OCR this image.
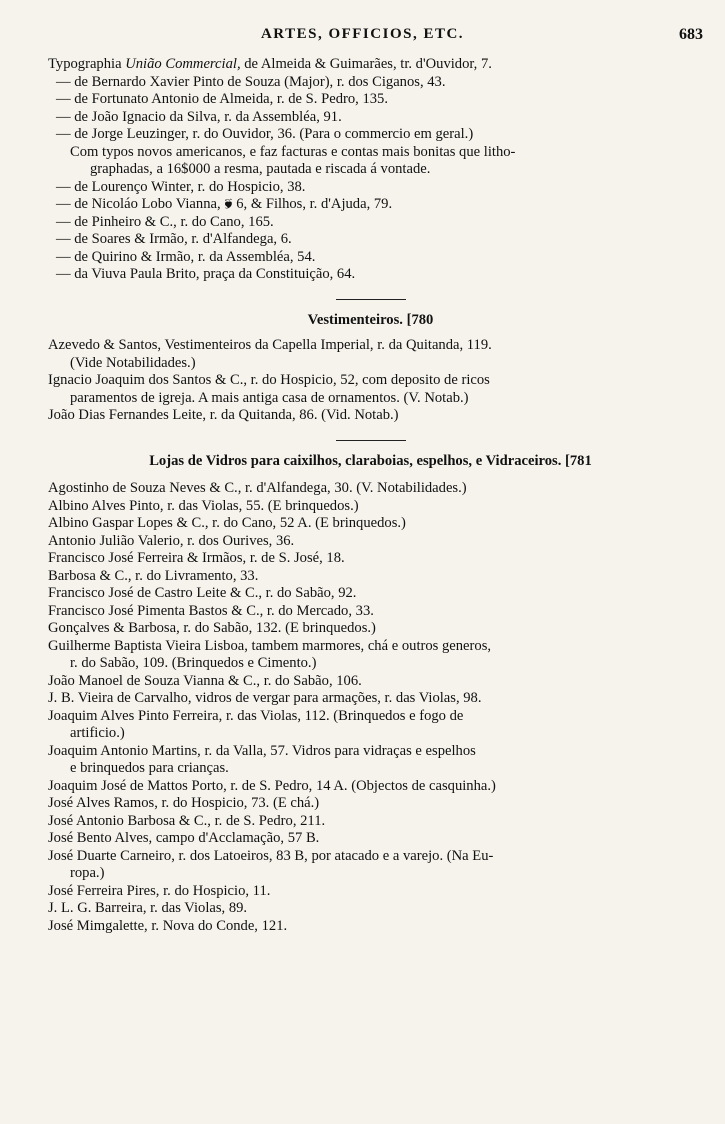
ARTES, OFFICIOS, ETC.	683
Typographia União Commercial, de Almeida & Guimarães, tr. d'Ouvidor, 7.
— de Bernardo Xavier Pinto de Souza (Major), r. dos Ciganos, 43.
— de Fortunato Antonio de Almeida, r. de S. Pedro, 135.
— de João Ignacio da Silva, r. da Assembléa, 91.
— de Jorge Leuzinger, r. do Ouvidor, 36. (Para o commercio em geral.)
Com typos novos americanos, e faz facturas e contas mais bonitas que litho-
graphadas, a 16$000 a resma, pautada e riscada á vontade.
— de Lourenço Winter, r. do Hospicio, 38.
— de Nicoláo Lobo Vianna, 🙘 6, & Filhos, r. d'Ajuda, 79.
— de Pinheiro & C., r. do Cano, 165.
— de Soares & Irmão, r. d'Alfandega, 6.
— de Quirino & Irmão, r. da Assembléa, 54.
— da Viuva Paula Brito, praça da Constituição, 64.
Vestimenteiros. [780
Azevedo & Santos, Vestimenteiros da Capella Imperial, r. da Quitanda, 119.
(Vide Notabilidades.)
Ignacio Joaquim dos Santos & C., r. do Hospicio, 52, com deposito de ricos
paramentos de igreja. A mais antiga casa de ornamentos. (V. Notab.)
João Dias Fernandes Leite, r. da Quitanda, 86. (Vid. Notab.)
Lojas de Vidros para caixilhos, claraboias, espelhos, e Vidraceiros. [781
Agostinho de Souza Neves & C., r. d'Alfandega, 30. (V. Notabilidades.)
Albino Alves Pinto, r. das Violas, 55. (E brinquedos.)
Albino Gaspar Lopes & C., r. do Cano, 52 A. (E brinquedos.)
Antonio Julião Valerio, r. dos Ourives, 36.
Francisco José Ferreira & Irmãos, r. de S. José, 18.
Barbosa & C., r. do Livramento, 33.
Francisco José de Castro Leite & C., r. do Sabão, 92.
Francisco José Pimenta Bastos & C., r. do Mercado, 33.
Gonçalves & Barbosa, r. do Sabão, 132. (E brinquedos.)
Guilherme Baptista Vieira Lisboa, tambem marmores, chá e outros generos,
r. do Sabão, 109. (Brinquedos e Cimento.)
João Manoel de Souza Vianna & C., r. do Sabão, 106.
J. B. Vieira de Carvalho, vidros de vergar para armações, r. das Violas, 98.
Joaquim Alves Pinto Ferreira, r. das Violas, 112. (Brinquedos e fogo de
artificio.)
Joaquim Antonio Martins, r. da Valla, 57. Vidros para vidraças e espelhos
e brinquedos para crianças.
Joaquim José de Mattos Porto, r. de S. Pedro, 14 A. (Objectos de casquinha.)
José Alves Ramos, r. do Hospicio, 73. (E chá.)
José Antonio Barbosa & C., r. de S. Pedro, 211.
José Bento Alves, campo d'Acclamação, 57 B.
José Duarte Carneiro, r. dos Latoeiros, 83 B, por atacado e a varejo. (Na Eu-
ropa.)
José Ferreira Pires, r. do Hospicio, 11.
J. L. G. Barreira, r. das Violas, 89.
José Mimgalette, r. Nova do Conde, 121.
